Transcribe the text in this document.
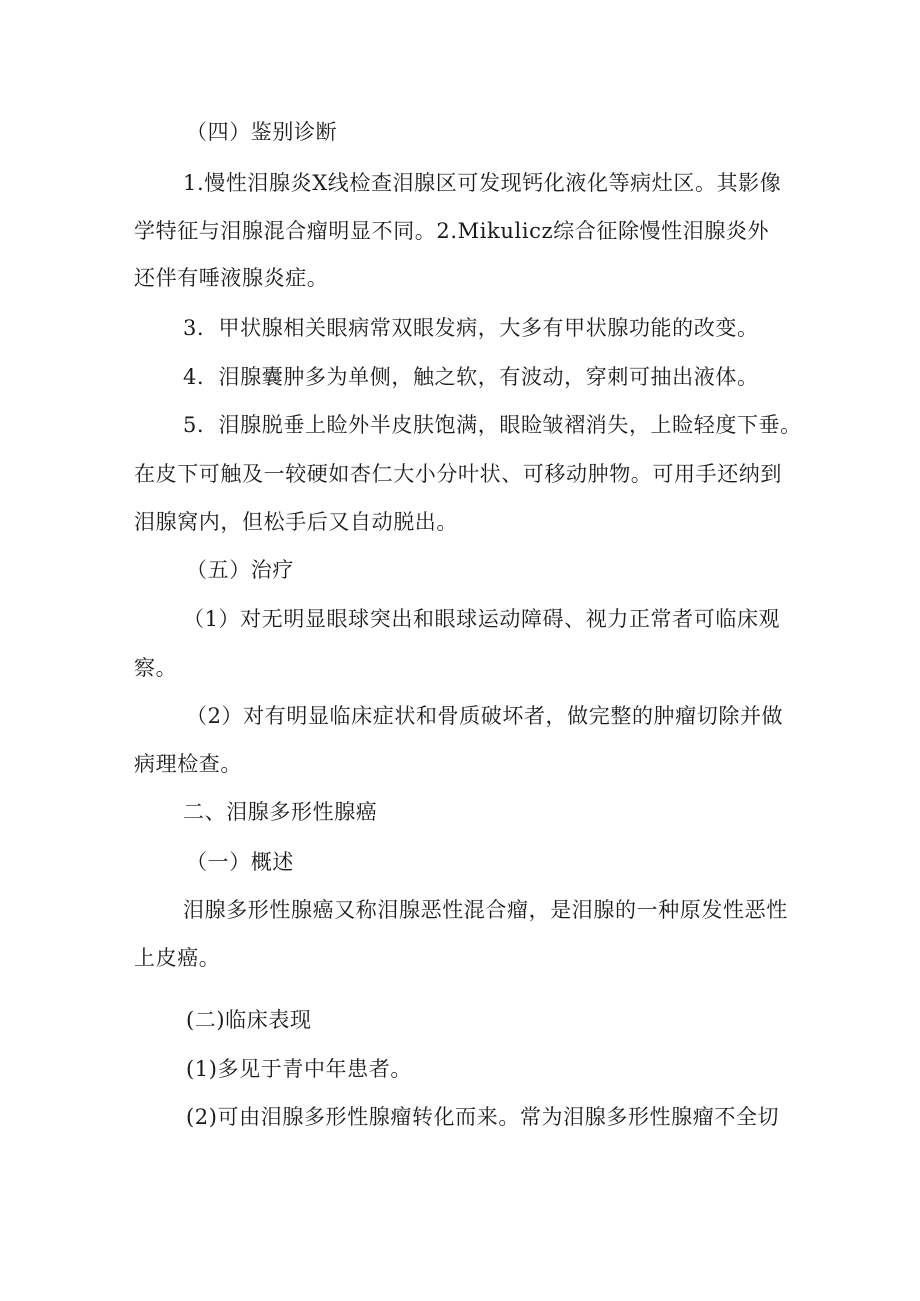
（四）鉴别诊断
1.慢性泪腺炎X线检查泪腺区可发现钙化液化等病灶区。其影像
学特征与泪腺混合瘤明显不同。2.Mikulicz综合征除慢性泪腺炎外
还伴有唾液腺炎症。
3．甲状腺相关眼病常双眼发病，大多有甲状腺功能的改变。
4．泪腺囊肿多为单侧，触之软，有波动，穿刺可抽出液体。
5．泪腺脱垂上睑外半皮肤饱满，眼睑皱褶消失，上睑轻度下垂。
在皮下可触及一较硬如杏仁大小分叶状、可移动肿物。可用手还纳到
泪腺窝内，但松手后又自动脱出。
（五）治疗
（1）对无明显眼球突出和眼球运动障碍、视力正常者可临床观
察。
（2）对有明显临床症状和骨质破坏者，做完整的肿瘤切除并做
病理检查。
二、泪腺多形性腺癌
（一）概述
泪腺多形性腺癌又称泪腺恶性混合瘤，是泪腺的一种原发性恶性
上皮癌。
(二)临床表现
(1)多见于青中年患者。
(2)可由泪腺多形性腺瘤转化而来。常为泪腺多形性腺瘤不全切
